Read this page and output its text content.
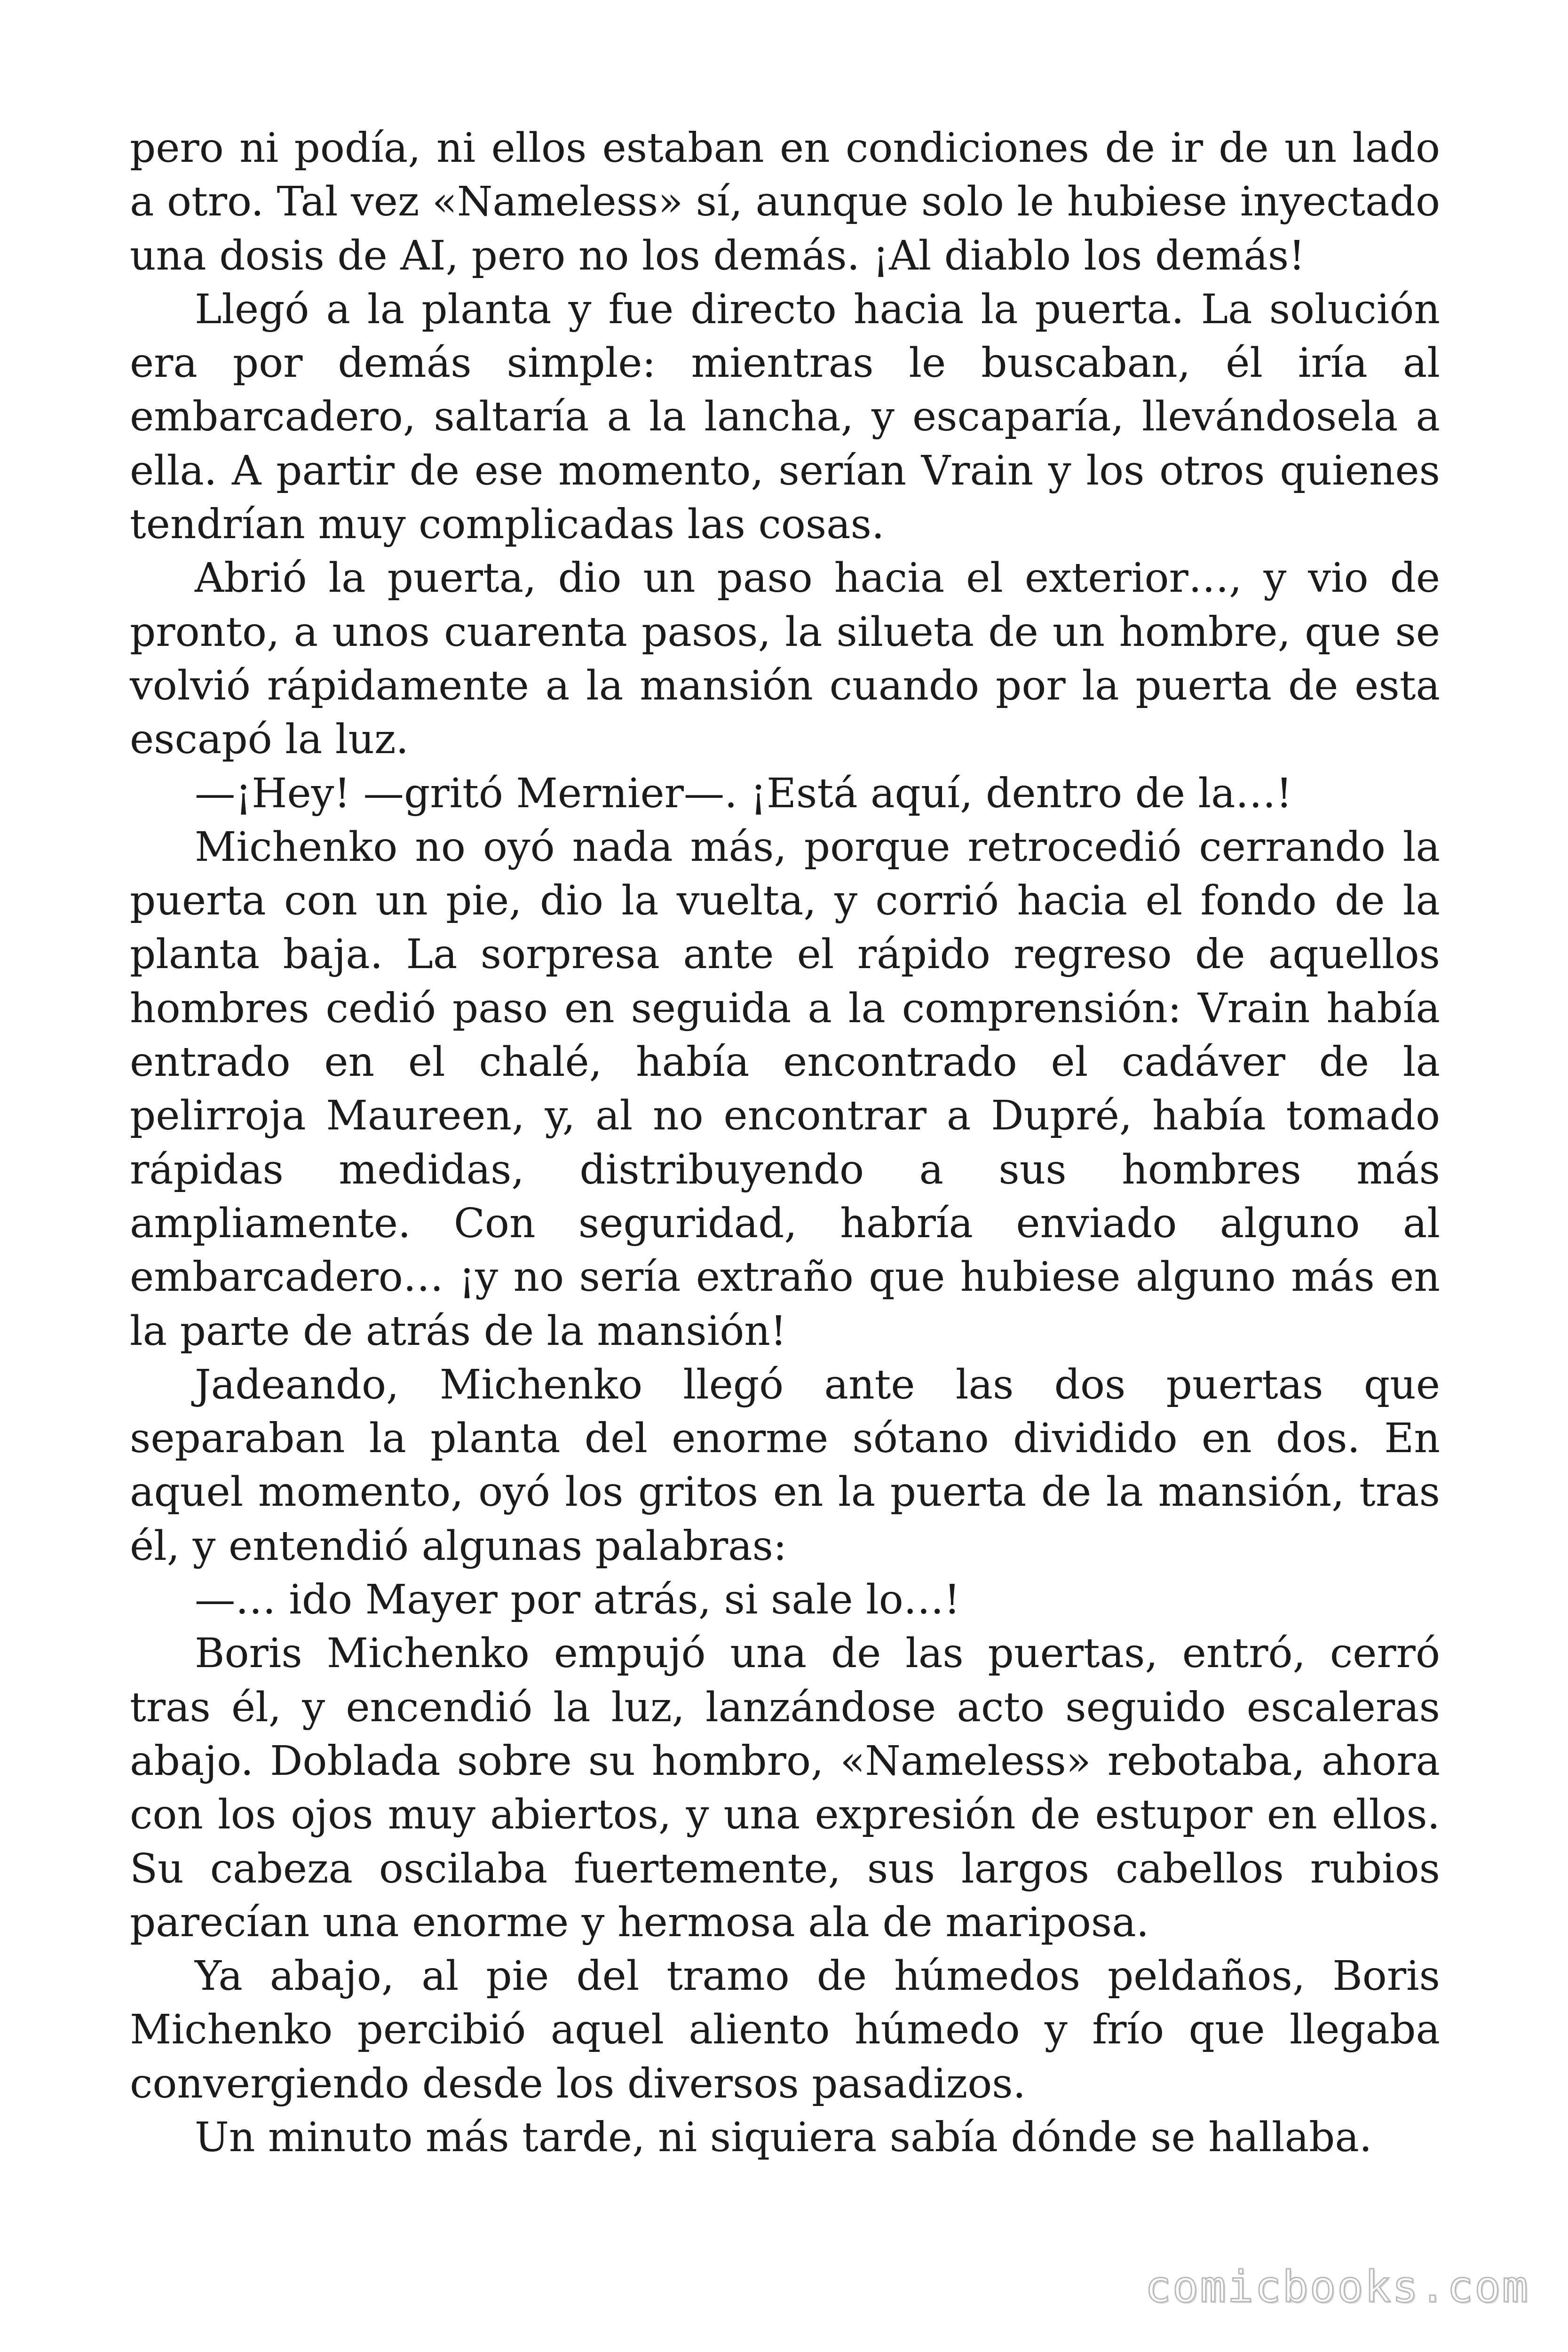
pero ni podía, ni ellos estaban en condiciones de ir de un lado a otro. Tal vez «Nameless» sí, aunque solo le hubiese inyectado una dosis de AI, pero no los demás. ¡Al diablo los demás!

Llegó a la planta y fue directo hacia la puerta. La solución era por demás simple: mientras le buscaban, él iría al embarcadero, saltaría a la lancha, y escaparía, llevándosela a ella. A partir de ese momento, serían Vrain y los otros quienes tendrían muy complicadas las cosas.

Abrió la puerta, dio un paso hacia el exterior…, y vio de pronto, a unos cuarenta pasos, la silueta de un hombre, que se volvió rápidamente a la mansión cuando por la puerta de esta escapó la luz.

—¡Hey! —gritó Mernier—. ¡Está aquí, dentro de la…!

Michenko no oyó nada más, porque retrocedió cerrando la puerta con un pie, dio la vuelta, y corrió hacia el fondo de la planta baja. La sorpresa ante el rápido regreso de aquellos hombres cedió paso en seguida a la comprensión: Vrain había entrado en el chalé, había encontrado el cadáver de la pelirroja Maureen, y, al no encontrar a Dupré, había tomado rápidas medidas, distribuyendo a sus hombres más ampliamente. Con seguridad, habría enviado alguno al embarcadero… ¡y no sería extraño que hubiese alguno más en la parte de atrás de la mansión!

Jadeando, Michenko llegó ante las dos puertas que separaban la planta del enorme sótano dividido en dos. En aquel momento, oyó los gritos en la puerta de la mansión, tras él, y entendió algunas palabras:

—… ido Mayer por atrás, si sale lo…!

Boris Michenko empujó una de las puertas, entró, cerró tras él, y encendió la luz, lanzándose acto seguido escaleras abajo. Doblada sobre su hombro, «Nameless» rebotaba, ahora con los ojos muy abiertos, y una expresión de estupor en ellos. Su cabeza oscilaba fuertemente, sus largos cabellos rubios parecían una enorme y hermosa ala de mariposa.

Ya abajo, al pie del tramo de húmedos peldaños, Boris Michenko percibió aquel aliento húmedo y frío que llegaba convergiendo desde los diversos pasadizos.

Un minuto más tarde, ni siquiera sabía dónde se hallaba.

comicbooks.com
